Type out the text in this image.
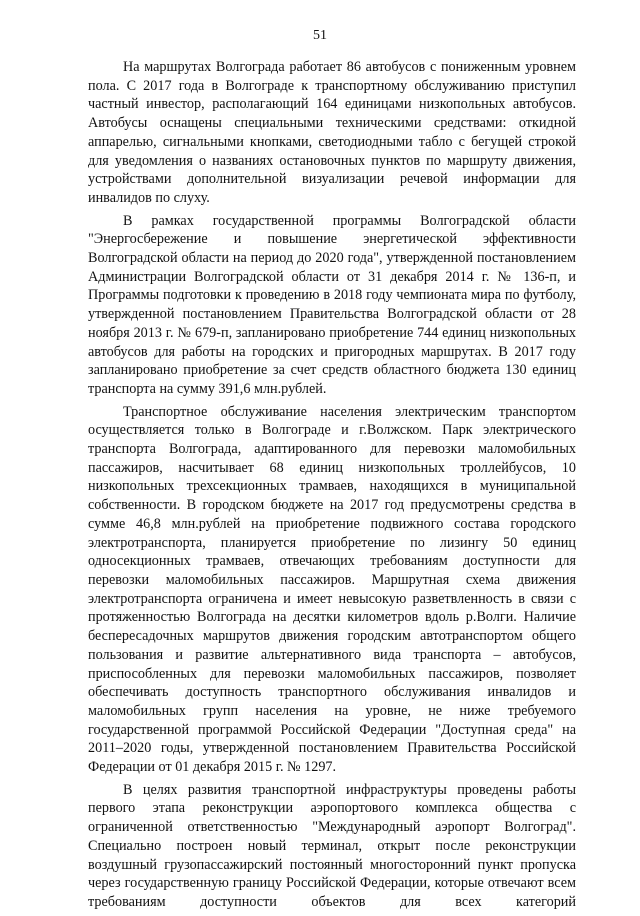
51

На маршрутах Волгограда работает 86 автобусов с пониженным уровнем пола. С 2017 года в Волгограде к транспортному обслуживанию приступил частный инвестор, располагающий 164 единицами низкопольных автобусов. Автобусы оснащены специальными техническими средствами: откидной аппарелью, сигнальными кнопками, светодиодными табло с бегущей строкой для уведомления о названиях остановочных пунктов по маршруту движения, устройствами дополнительной визуализации речевой информации для инвалидов по слуху.

В рамках государственной программы Волгоградской области "Энергосбережение и повышение энергетической эффективности Волгоградской области на период до 2020 года", утвержденной постановлением Администрации Волгоградской области от 31 декабря 2014 г. № 136-п, и Программы подготовки к проведению в 2018 году чемпионата мира по футболу, утвержденной постановлением Правительства Волгоградской области от 28 ноября 2013 г. № 679-п, запланировано приобретение 744 единиц низкопольных автобусов для работы на городских и пригородных маршрутах. В 2017 году запланировано приобретение за счет средств областного бюджета 130 единиц транспорта на сумму 391,6 млн.рублей.

Транспортное обслуживание населения электрическим транспортом осуществляется только в Волгограде и г.Волжском. Парк электрического транспорта Волгограда, адаптированного для перевозки маломобильных пассажиров, насчитывает 68 единиц низкопольных троллейбусов, 10 низкопольных трехсекционных трамваев, находящихся в муниципальной собственности. В городском бюджете на 2017 год предусмотрены средства в сумме 46,8 млн.рублей на приобретение подвижного состава городского электротранспорта, планируется приобретение по лизингу 50 единиц односекционных трамваев, отвечающих требованиям доступности для перевозки маломобильных пассажиров. Маршрутная схема движения электротранспорта ограничена и имеет невысокую разветвленность в связи с протяженностью Волгограда на десятки километров вдоль р.Волги. Наличие беспересадочных маршрутов движения городским автотранспортом общего пользования и развитие альтернативного вида транспорта – автобусов, приспособленных для перевозки маломобильных пассажиров, позволяет обеспечивать доступность транспортного обслуживания инвалидов и маломобильных групп населения на уровне, не ниже требуемого государственной программой Российской Федерации "Доступная среда" на 2011–2020 годы, утвержденной постановлением Правительства Российской Федерации от 01 декабря 2015 г. № 1297.

В целях развития транспортной инфраструктуры проведены работы первого этапа реконструкции аэропортового комплекса общества с ограниченной ответственностью "Международный аэропорт Волгоград". Специально построен новый терминал, открыт после реконструкции воздушный грузопассажирский постоянный многосторонний пункт пропуска через государственную границу Российской Федерации, которые отвечают всем требованиям доступности объектов для всех категорий
